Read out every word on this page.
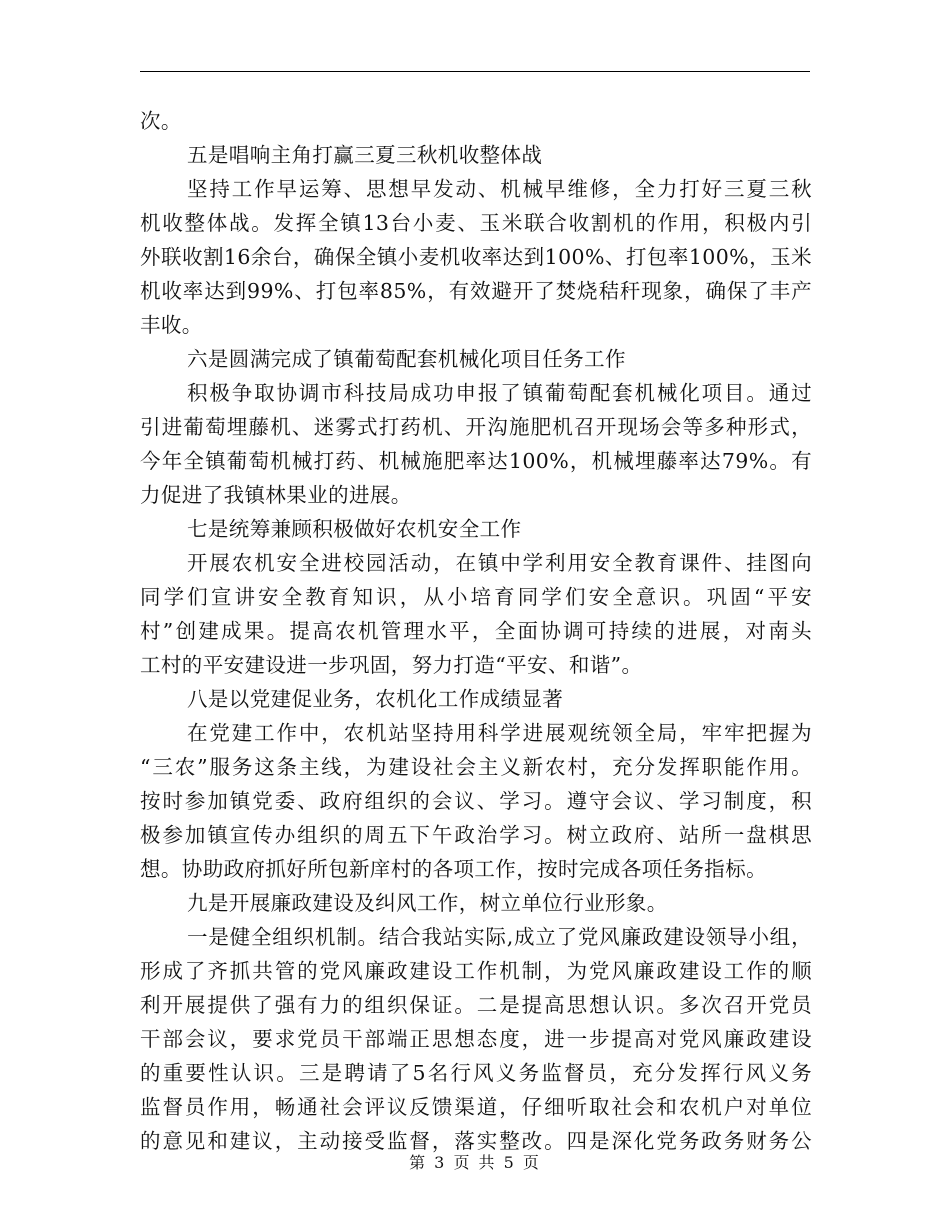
次。
五是唱响主角打赢三夏三秋机收整体战
坚持工作早运筹、思想早发动、机械早维修，全力打好三夏三秋
机收整体战。发挥全镇13台小麦、玉米联合收割机的作用，积极内引
外联收割16余台，确保全镇小麦机收率达到100%、打包率100%，玉米
机收率达到99%、打包率85%，有效避开了焚烧秸秆现象，确保了丰产
丰收。
六是圆满完成了镇葡萄配套机械化项目任务工作
积极争取协调市科技局成功申报了镇葡萄配套机械化项目。通过
引进葡萄埋藤机、迷雾式打药机、开沟施肥机召开现场会等多种形式，
今年全镇葡萄机械打药、机械施肥率达100%，机械埋藤率达79%。有
力促进了我镇林果业的进展。
七是统筹兼顾积极做好农机安全工作
开展农机安全进校园活动，在镇中学利用安全教育课件、挂图向
同学们宣讲安全教育知识，从小培育同学们安全意识。巩固“平安
村”创建成果。提高农机管理水平，全面协调可持续的进展，对南头
工村的平安建设进一步巩固，努力打造“平安、和谐”。
八是以党建促业务，农机化工作成绩显著
在党建工作中，农机站坚持用科学进展观统领全局，牢牢把握为
“三农”服务这条主线，为建设社会主义新农村，充分发挥职能作用。
按时参加镇党委、政府组织的会议、学习。遵守会议、学习制度，积
极参加镇宣传办组织的周五下午政治学习。树立政府、站所一盘棋思
想。协助政府抓好所包新庠村的各项工作，按时完成各项任务指标。
九是开展廉政建设及纠风工作，树立单位行业形象。
一是健全组织机制。结合我站实际,成立了党风廉政建设领导小组，
形成了齐抓共管的党风廉政建设工作机制，为党风廉政建设工作的顺
利开展提供了强有力的组织保证。二是提高思想认识。多次召开党员
干部会议，要求党员干部端正思想态度，进一步提高对党风廉政建设
的重要性认识。三是聘请了5名行风义务监督员，充分发挥行风义务
监督员作用，畅通社会评议反馈渠道，仔细听取社会和农机户对单位
的意见和建议，主动接受监督，落实整改。四是深化党务政务财务公
第 3 页 共 5 页
